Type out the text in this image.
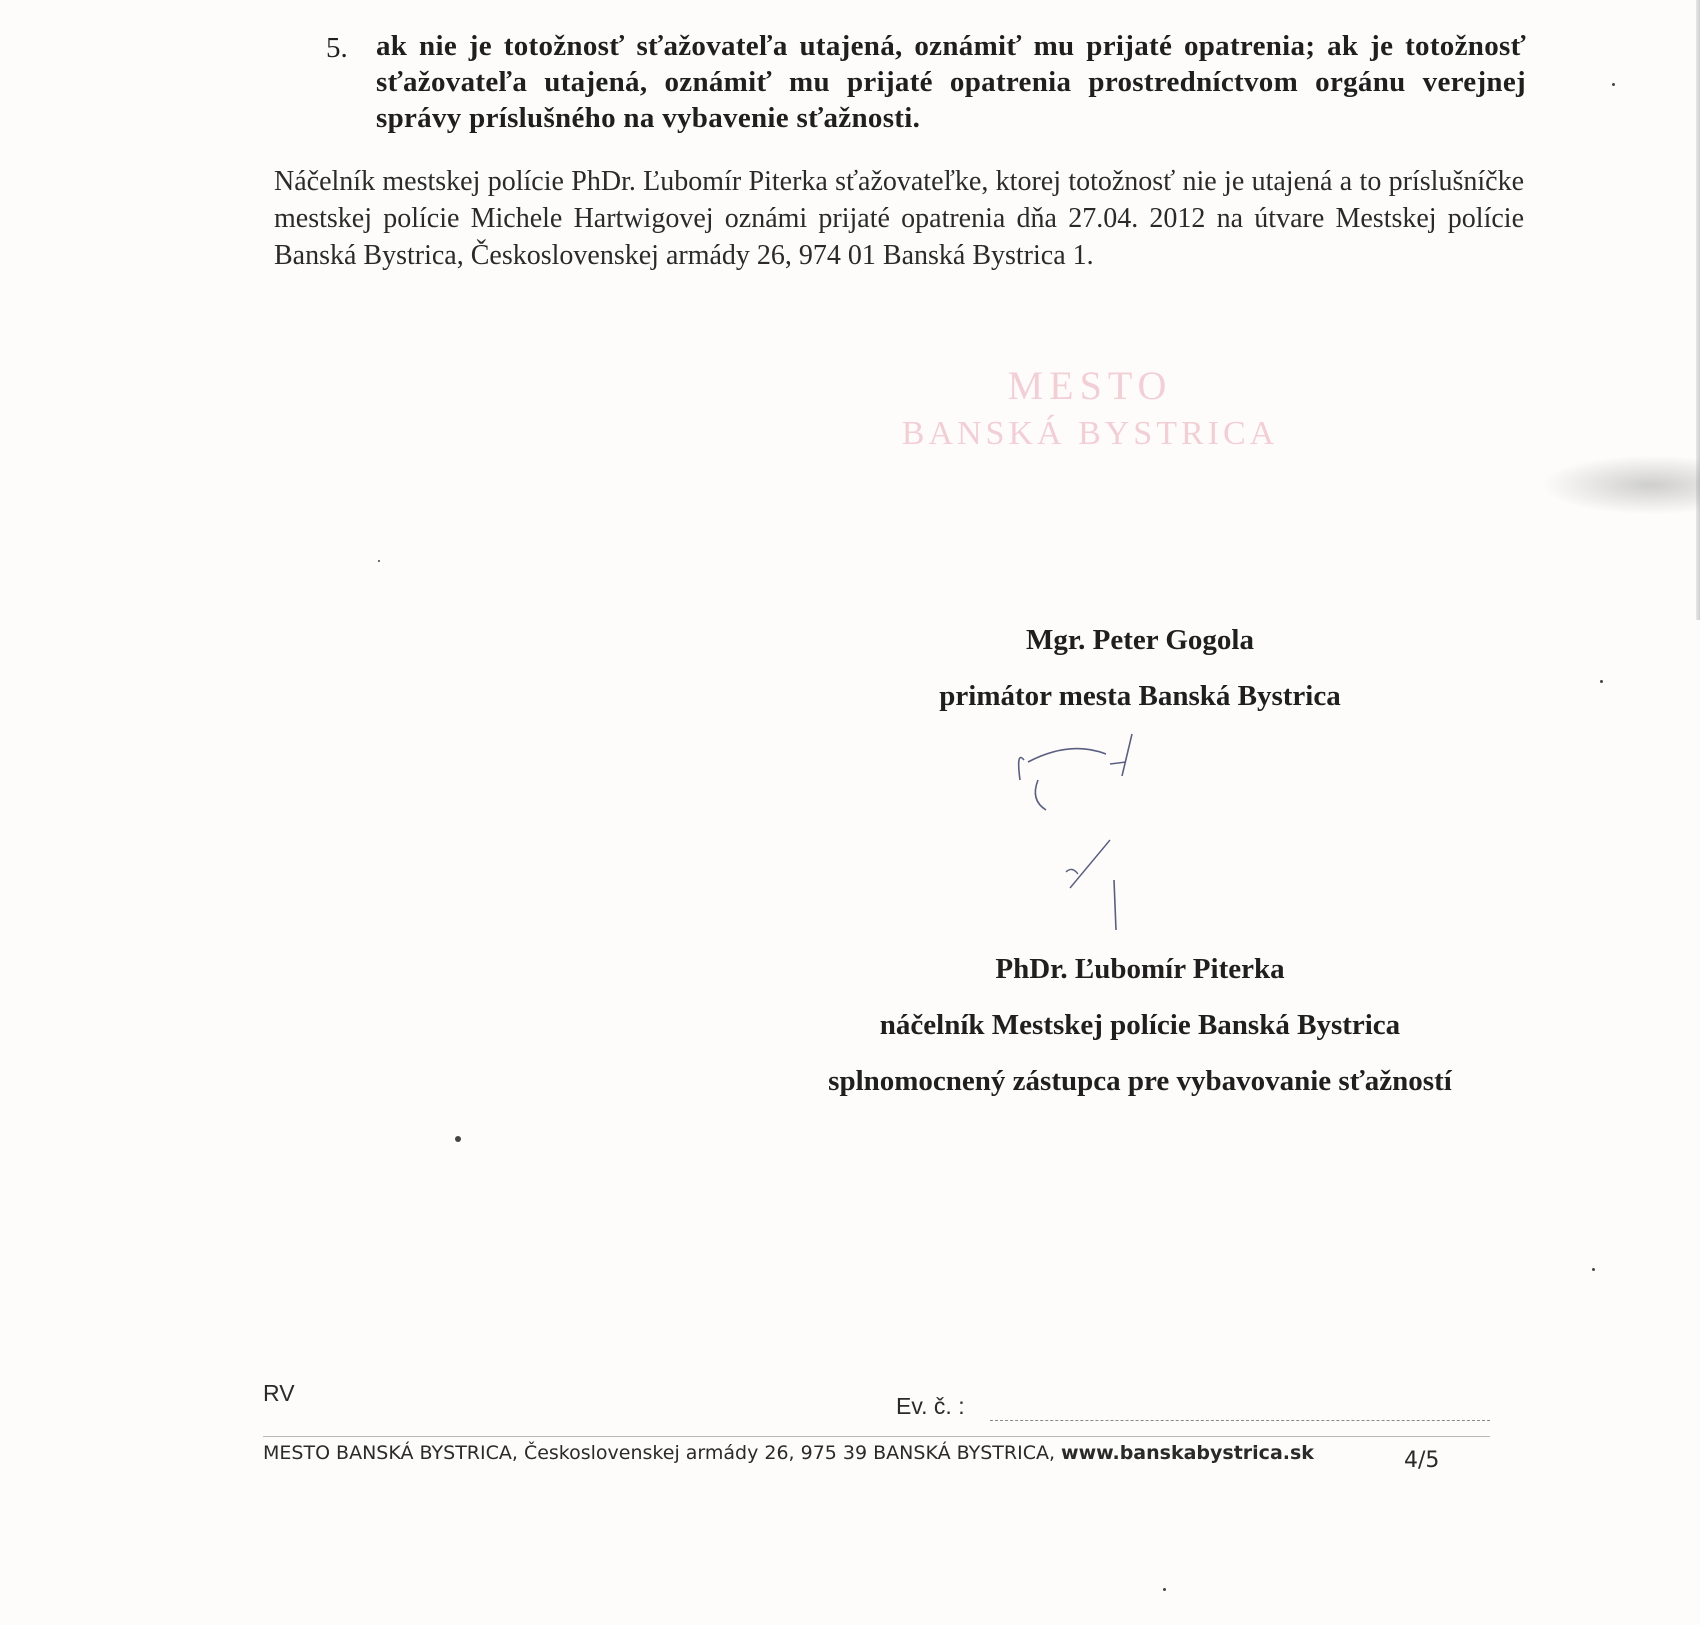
5. ak nie je totožnosť sťažovateľa utajená, oznámiť mu prijaté opatrenia; ak je totožnosť sťažovateľa utajená, oznámiť mu prijaté opatrenia prostredníctvom orgánu verejnej správy príslušného na vybavenie sťažnosti.
Náčelník mestskej polície PhDr. Ľubomír Piterka sťažovateľke, ktorej totožnosť nie je utajená a to príslušníčke mestskej polície Michele Hartwigovej oznámi prijaté opatrenia dňa 27.04. 2012 na útvare Mestskej polície Banská Bystrica, Československej armády 26, 974 01 Banská Bystrica 1.
MESTO
BANSKÁ BYSTRICA
Mgr. Peter Gogola
primátor mesta Banská Bystrica
PhDr. Ľubomír Piterka
náčelník Mestskej polície Banská Bystrica
splnomocnený zástupca pre vybavovanie sťažností
RV	Ev. č. :
MESTO BANSKÁ BYSTRICA, Československej armády 26, 975 39 BANSKÁ BYSTRICA, www.banskabystrica.sk	4/5
